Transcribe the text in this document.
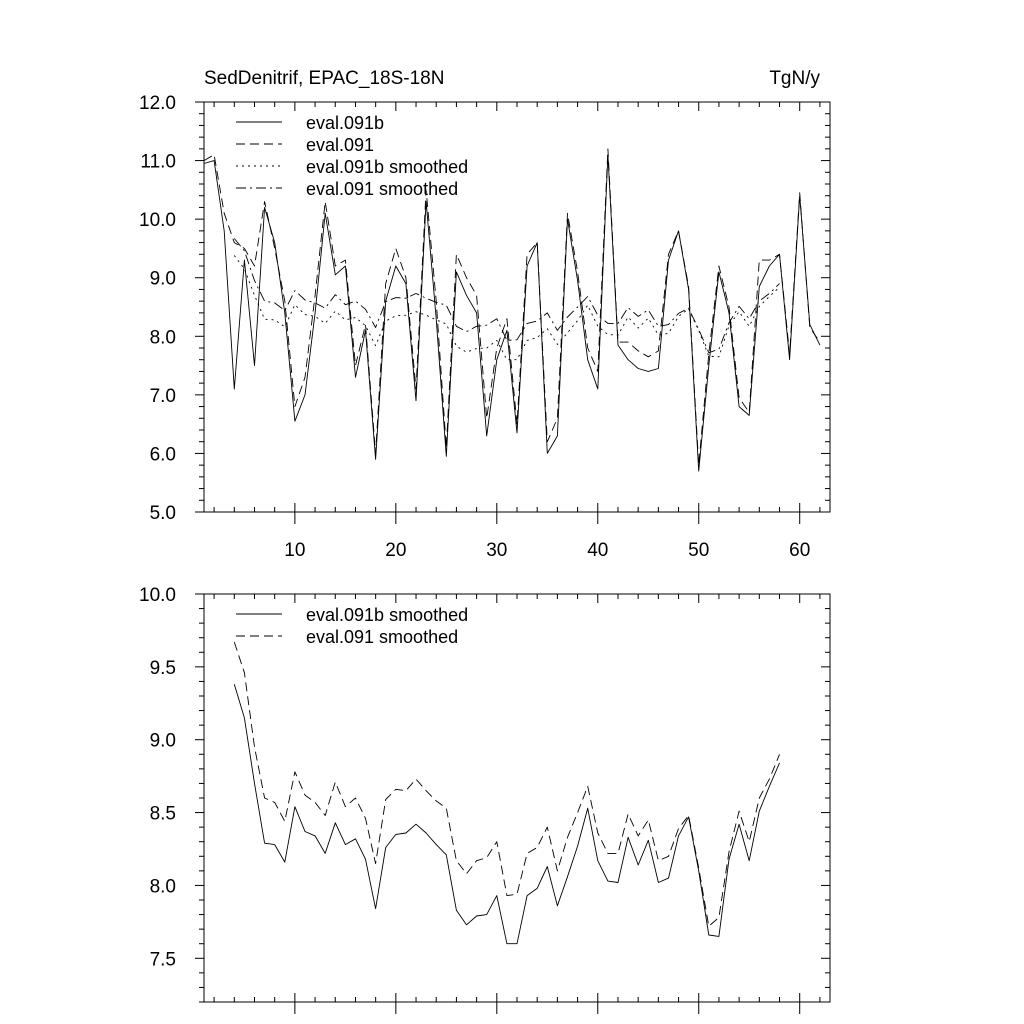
SedDenitrif, EPAC_18S-18N	TgN/y
10	20	30	40	50	60
5.0
6.0
7.0
8.0
9.0
10.0
11.0
12.0
eval.091b
eval.091
eval.091b smoothed
eval.091 smoothed
7.5
8.0
8.5
9.0
9.5
10.0
eval.091b smoothed
eval.091 smoothed
